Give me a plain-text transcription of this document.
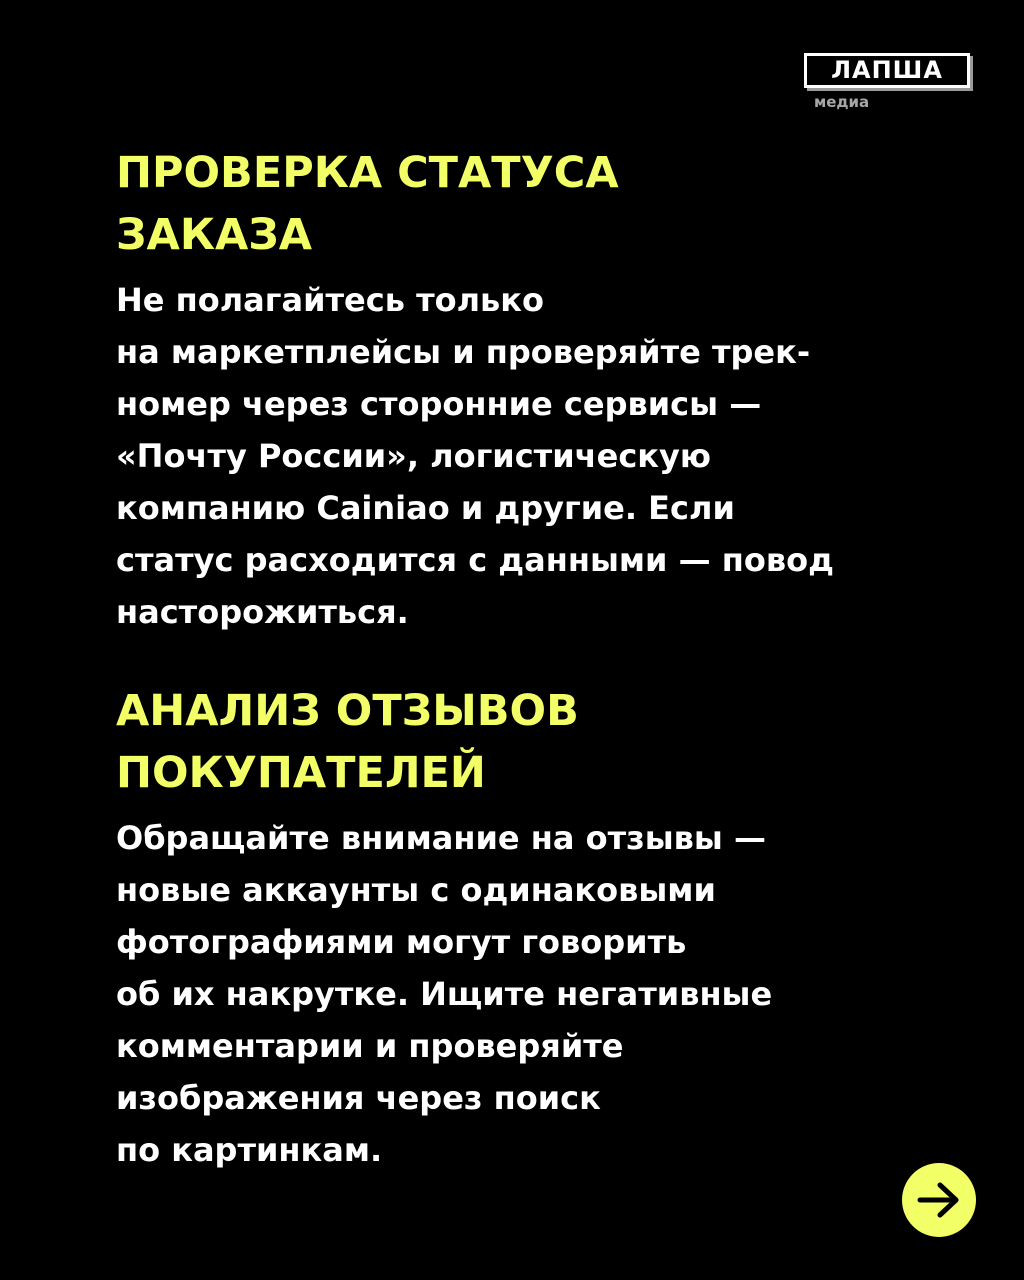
ЛАПША
медиа
ПРОВЕРКА СТАТУСА
ЗАКАЗА

Не полагайтесь только
на маркетплейсы и проверяйте трек-
номер через сторонние сервисы —
«Почту России», логистическую
компанию Cainiao и другие. Если
статус расходится с данными — повод
насторожиться.

АНАЛИЗ ОТЗЫВОВ
ПОКУПАТЕЛЕЙ

Обращайте внимание на отзывы —
новые аккаунты с одинаковыми
фотографиями могут говорить
об их накрутке. Ищите негативные
комментарии и проверяйте
изображения через поиск
по картинкам.
